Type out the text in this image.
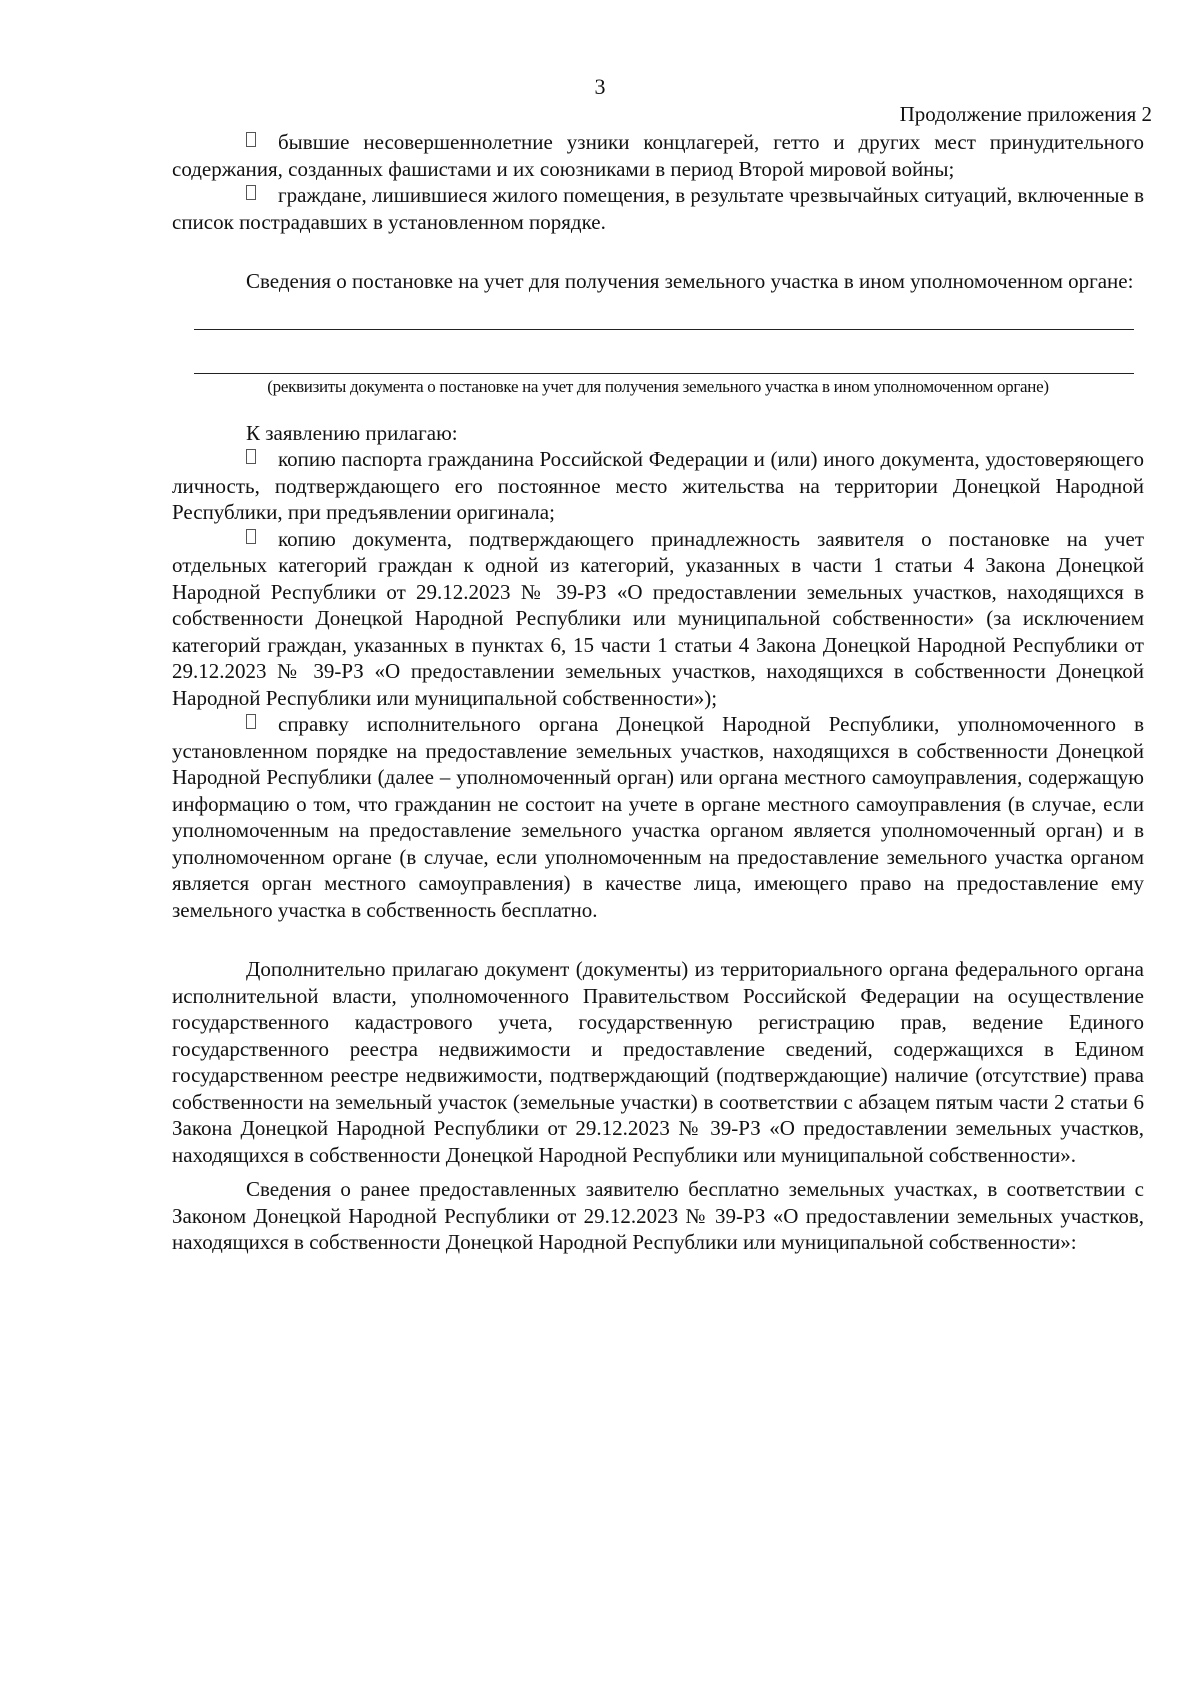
3
Продолжение приложения 2

бывшие несовершеннолетние узники концлагерей, гетто и других мест принудительного содержания, созданных фашистами и их союзниками в период Второй мировой войны;

граждане, лишившиеся жилого помещения, в результате чрезвычайных ситуаций, включенные в список пострадавших в установленном порядке.

Сведения о постановке на учет для получения земельного участка в ином уполномоченном органе:

(реквизиты документа о постановке на учет для получения земельного участка в ином уполномоченном органе)

К заявлению прилагаю:

копию паспорта гражданина Российской Федерации и (или) иного документа, удостоверяющего личность, подтверждающего его постоянное место жительства на территории Донецкой Народной Республики, при предъявлении оригинала;

копию документа, подтверждающего принадлежность заявителя о постановке на учет отдельных категорий граждан к одной из категорий, указанных в части 1 статьи 4 Закона Донецкой Народной Республики от 29.12.2023 № 39-РЗ «О предоставлении земельных участков, находящихся в собственности Донецкой Народной Республики или муниципальной собственности» (за исключением категорий граждан, указанных в пунктах 6, 15 части 1 статьи 4 Закона Донецкой Народной Республики от 29.12.2023 № 39-РЗ «О предоставлении земельных участков, находящихся в собственности Донецкой Народной Республики или муниципальной собственности»);

справку исполнительного органа Донецкой Народной Республики, уполномоченного в установленном порядке на предоставление земельных участков, находящихся в собственности Донецкой Народной Республики (далее – уполномоченный орган) или органа местного самоуправления, содержащую информацию о том, что гражданин не состоит на учете в органе местного самоуправления (в случае, если уполномоченным на предоставление земельного участка органом является уполномоченный орган) и в уполномоченном органе (в случае, если уполномоченным на предоставление земельного участка органом является орган местного самоуправления) в качестве лица, имеющего право на предоставление ему земельного участка в собственность бесплатно.

Дополнительно прилагаю документ (документы) из территориального органа федерального органа исполнительной власти, уполномоченного Правительством Российской Федерации на осуществление государственного кадастрового учета, государственную регистрацию прав, ведение Единого государственного реестра недвижимости и предоставление сведений, содержащихся в Едином государственном реестре недвижимости, подтверждающий (подтверждающие) наличие (отсутствие) права собственности на земельный участок (земельные участки) в соответствии с абзацем пятым части 2 статьи 6 Закона Донецкой Народной Республики от 29.12.2023 № 39-РЗ «О предоставлении земельных участков, находящихся в собственности Донецкой Народной Республики или муниципальной собственности».

Сведения о ранее предоставленных заявителю бесплатно земельных участках, в соответствии с Законом Донецкой Народной Республики от 29.12.2023 № 39-РЗ «О предоставлении земельных участков, находящихся в собственности Донецкой Народной Республики или муниципальной собственности»:
